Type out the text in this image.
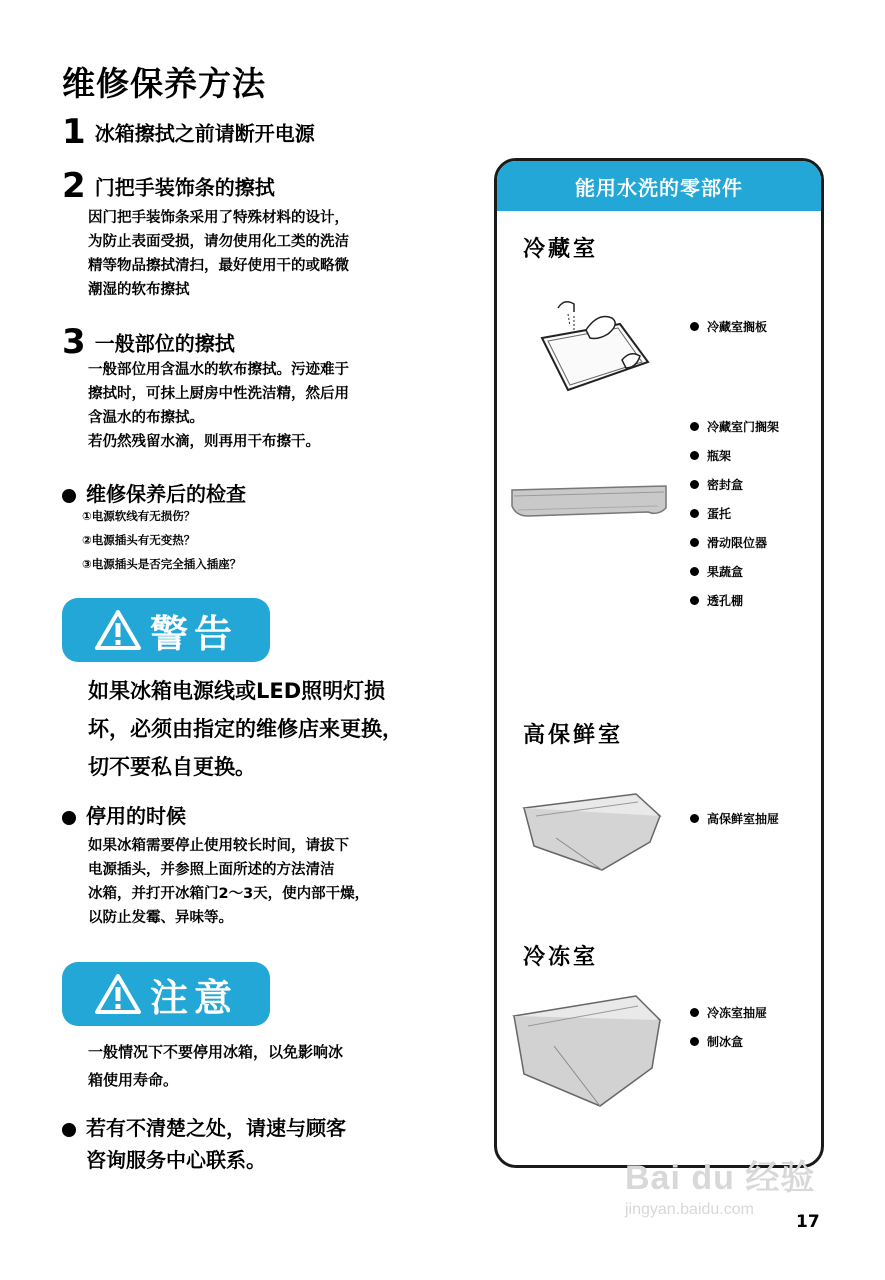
维修保养方法
1 冰箱擦拭之前请断开电源
2 门把手装饰条的擦拭
因门把手装饰条采用了特殊材料的设计，
为防止表面受损，请勿使用化工类的洗洁
精等物品擦拭清扫，最好使用干的或略微
潮湿的软布擦拭
3 一般部位的擦拭
一般部位用含温水的软布擦拭。污迹难于
擦拭时，可抹上厨房中性洗洁精，然后用
含温水的布擦拭。
若仍然残留水滴，则再用干布擦干。
维修保养后的检查
①电源软线有无损伤？
②电源插头有无变热？
③电源插头是否完全插入插座？
警告
如果冰箱电源线或LED照明灯损
坏，必须由指定的维修店来更换，
切不要私自更换。
停用的时候
如果冰箱需要停止使用较长时间，请拔下
电源插头，并参照上面所述的方法清洁
冰箱，并打开冰箱门2～3天，使内部干燥，
以防止发霉、异味等。
注意
一般情况下不要停用冰箱，以免影响冰
箱使用寿命。
若有不清楚之处，请速与顾客
咨询服务中心联系。
能用水洗的零部件
冷藏室
冷藏室搁板
冷藏室门搁架
瓶架
密封盒
蛋托
滑动限位器
果蔬盒
透孔棚
高保鲜室
高保鲜室抽屉
冷冻室
冷冻室抽屉
制冰盒
Bai du 经验
jingyan.baidu.com
17
